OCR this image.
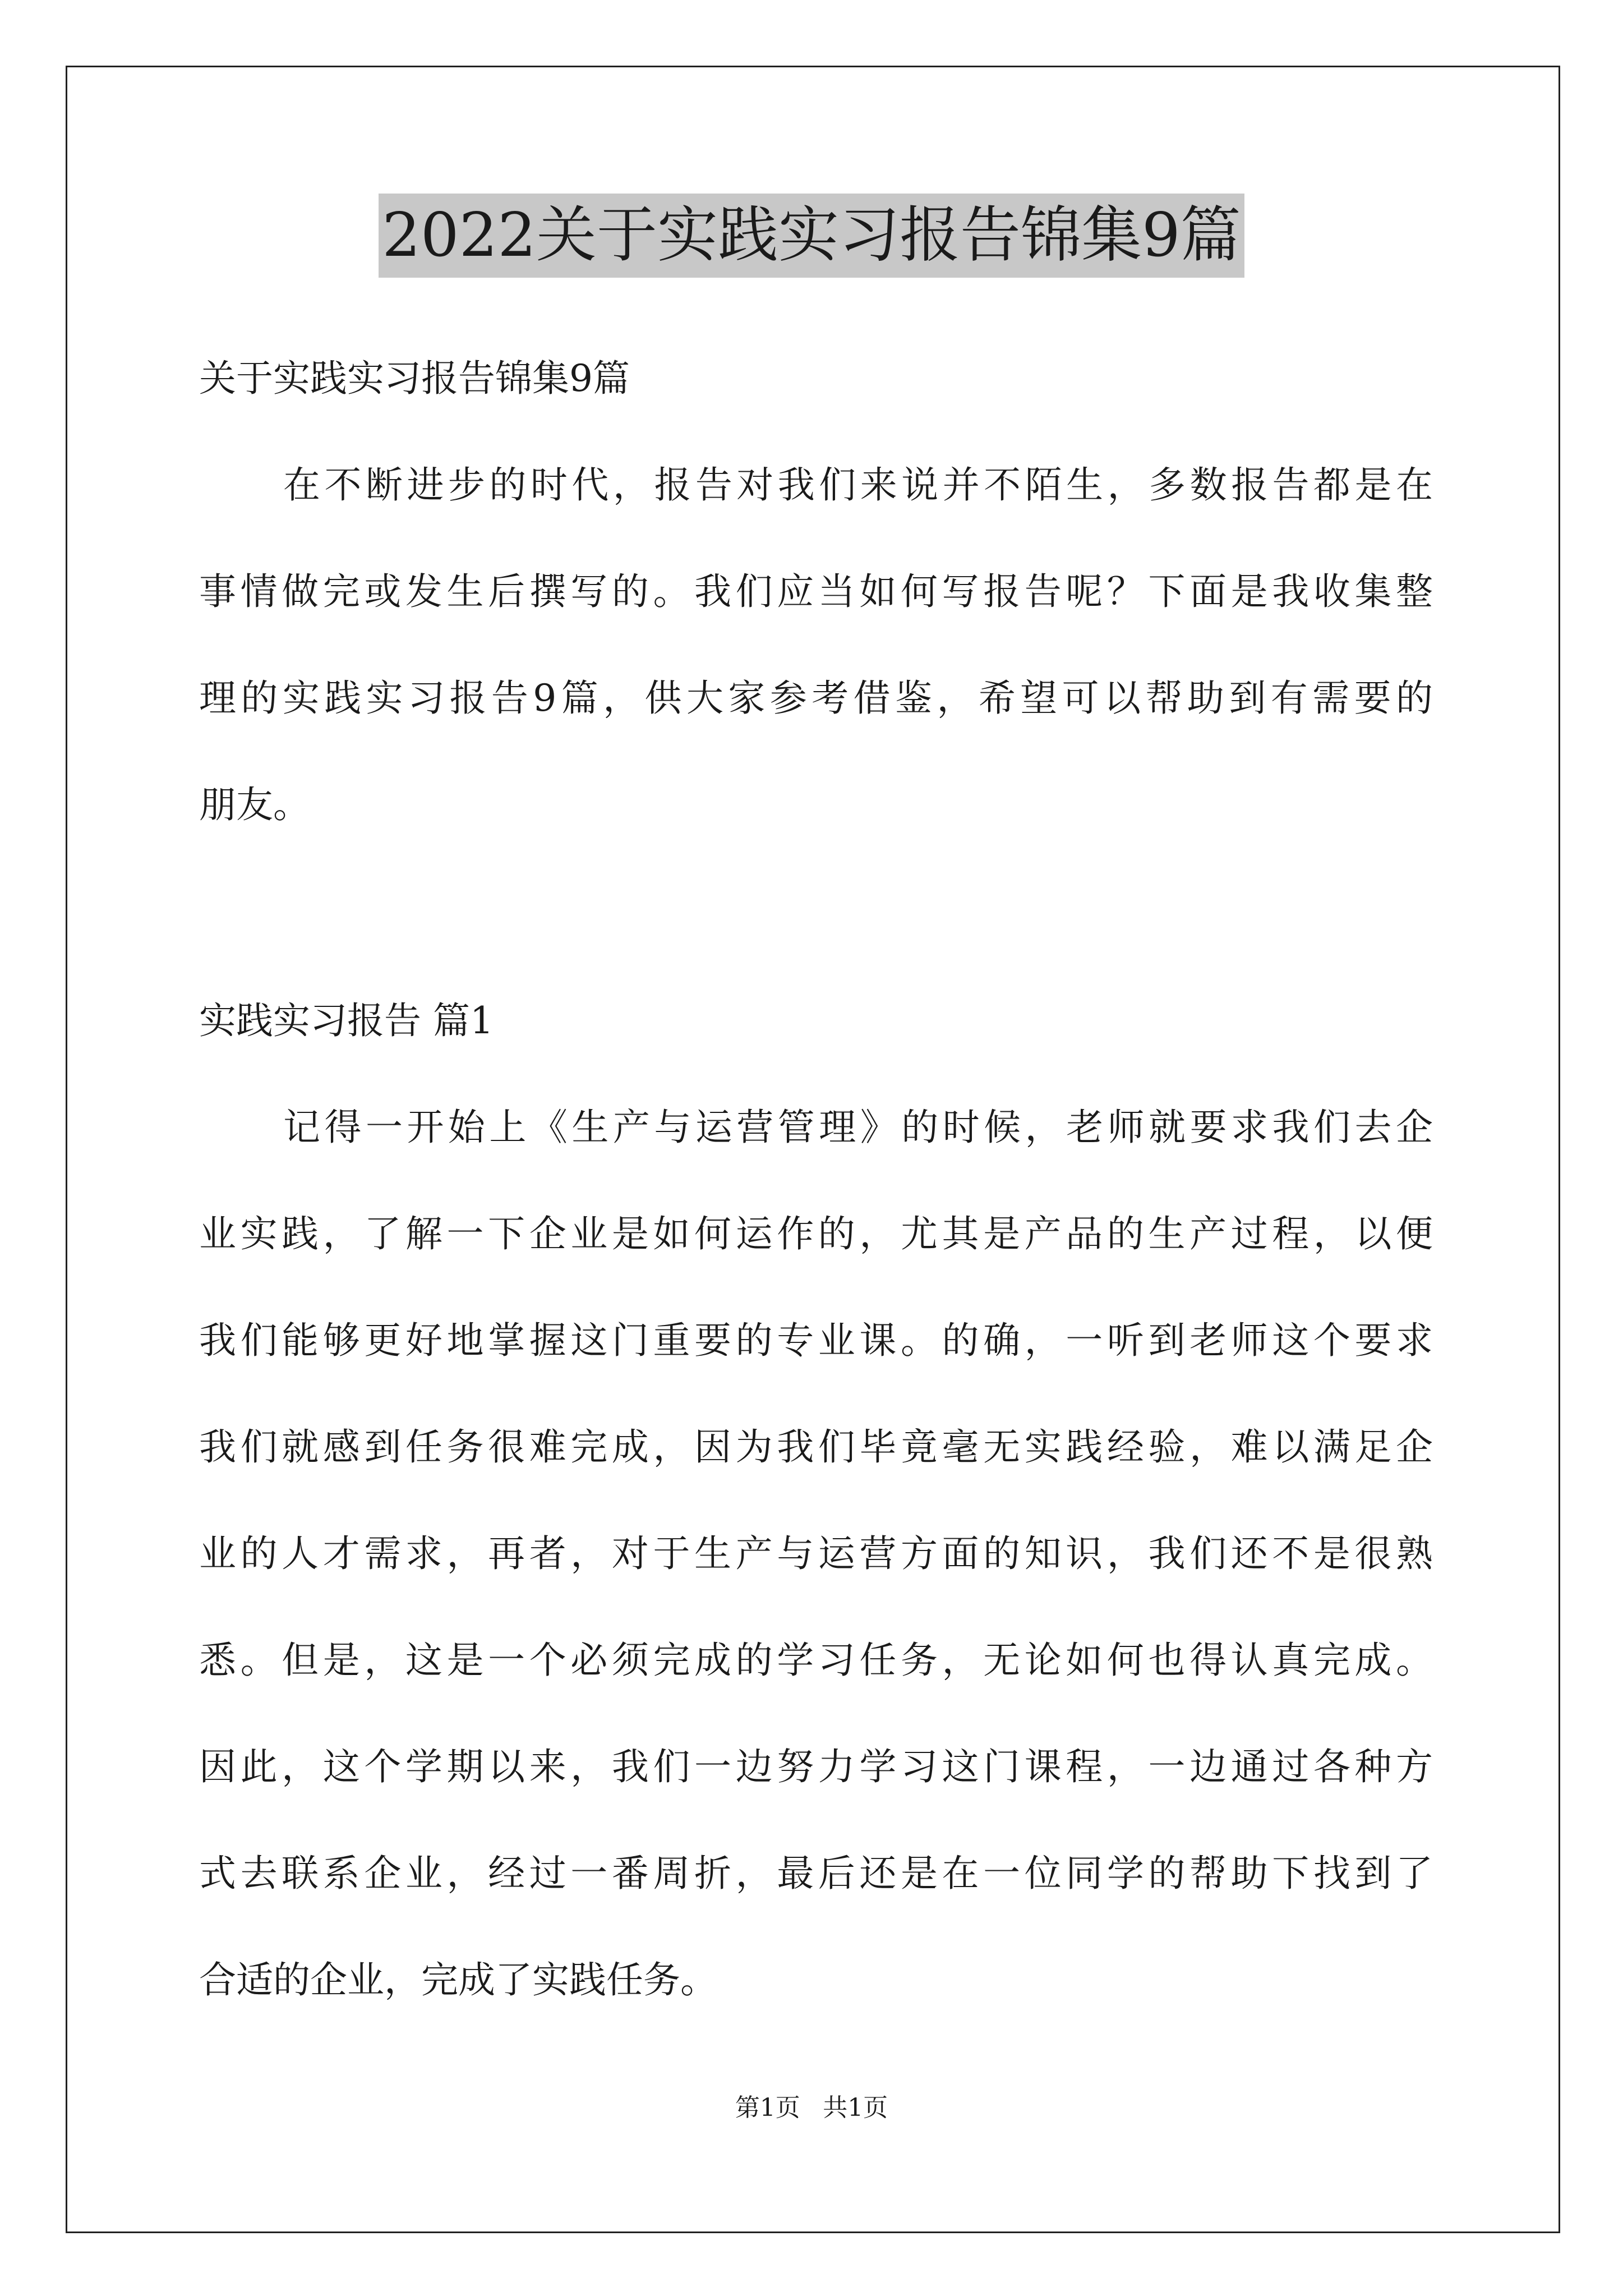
2022关于实践实习报告锦集9篇
关于实践实习报告锦集9篇
在不断进步的时代，报告对我们来说并不陌生，多数报告都是在
事情做完或发生后撰写的。我们应当如何写报告呢？下面是我收集整
理的实践实习报告9篇，供大家参考借鉴，希望可以帮助到有需要的
朋友。
实践实习报告 篇1
记得一开始上《生产与运营管理》的时候，老师就要求我们去企
业实践，了解一下企业是如何运作的，尤其是产品的生产过程，以便
我们能够更好地掌握这门重要的专业课。的确，一听到老师这个要求
我们就感到任务很难完成，因为我们毕竟毫无实践经验，难以满足企
业的人才需求，再者，对于生产与运营方面的知识，我们还不是很熟
悉。但是，这是一个必须完成的学习任务，无论如何也得认真完成。
因此，这个学期以来，我们一边努力学习这门课程，一边通过各种方
式去联系企业，经过一番周折，最后还是在一位同学的帮助下找到了
合适的企业，完成了实践任务。
第1页 共1页
